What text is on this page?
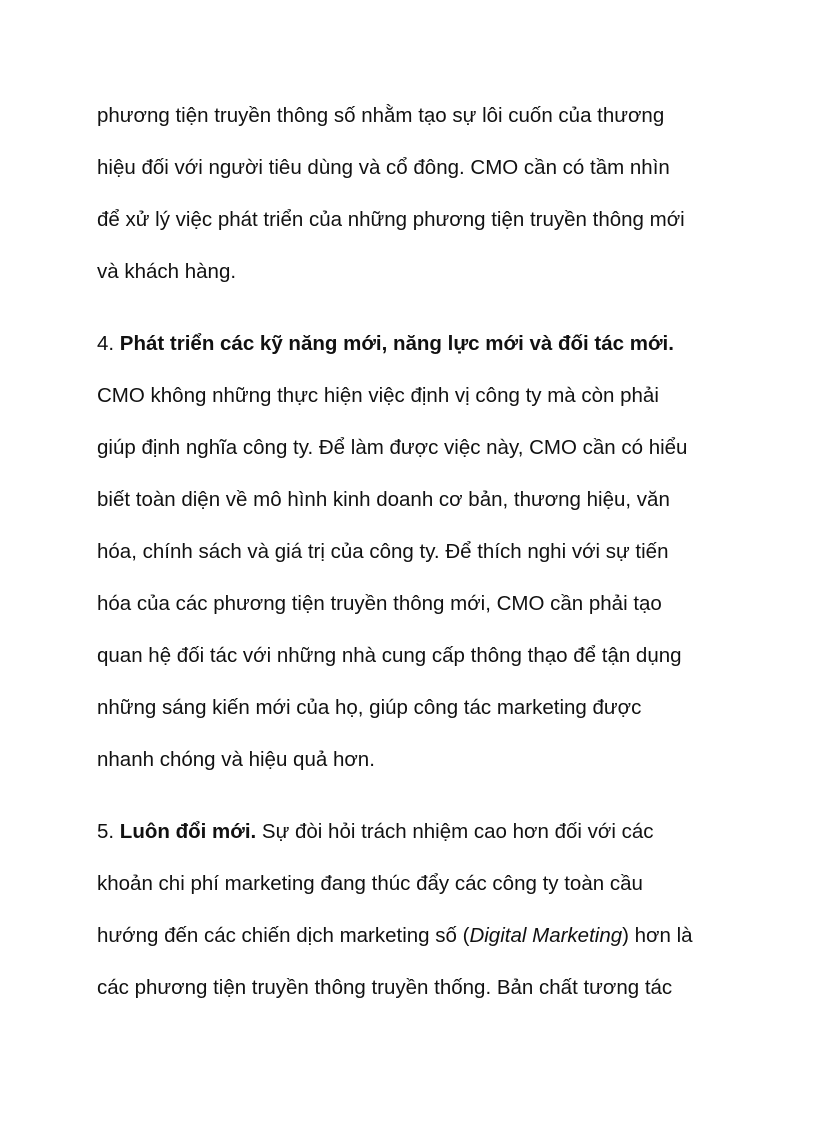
phương tiện truyền thông số nhằm tạo sự lôi cuốn của thương

hiệu đối với người tiêu dùng và cổ đông. CMO cần có tầm nhìn

để xử lý việc phát triển của những phương tiện truyền thông mới

và khách hàng.

4. Phát triển các kỹ năng mới, năng lực mới và đối tác mới.

CMO không những thực hiện việc định vị công ty mà còn phải

giúp định nghĩa công ty. Để làm được việc này, CMO cần có hiểu

biết toàn diện về mô hình kinh doanh cơ bản, thương hiệu, văn

hóa, chính sách và giá trị của công ty. Để thích nghi với sự tiến

hóa của các phương tiện truyền thông mới, CMO cần phải tạo

quan hệ đối tác với những nhà cung cấp thông thạo để tận dụng

những sáng kiến mới của họ, giúp công tác marketing được

nhanh chóng và hiệu quả hơn.

5. Luôn đổi mới. Sự đòi hỏi trách nhiệm cao hơn đối với các

khoản chi phí marketing đang thúc đẩy các công ty toàn cầu

hướng đến các chiến dịch marketing số (Digital Marketing) hơn là

các phương tiện truyền thông truyền thống. Bản chất tương tác
